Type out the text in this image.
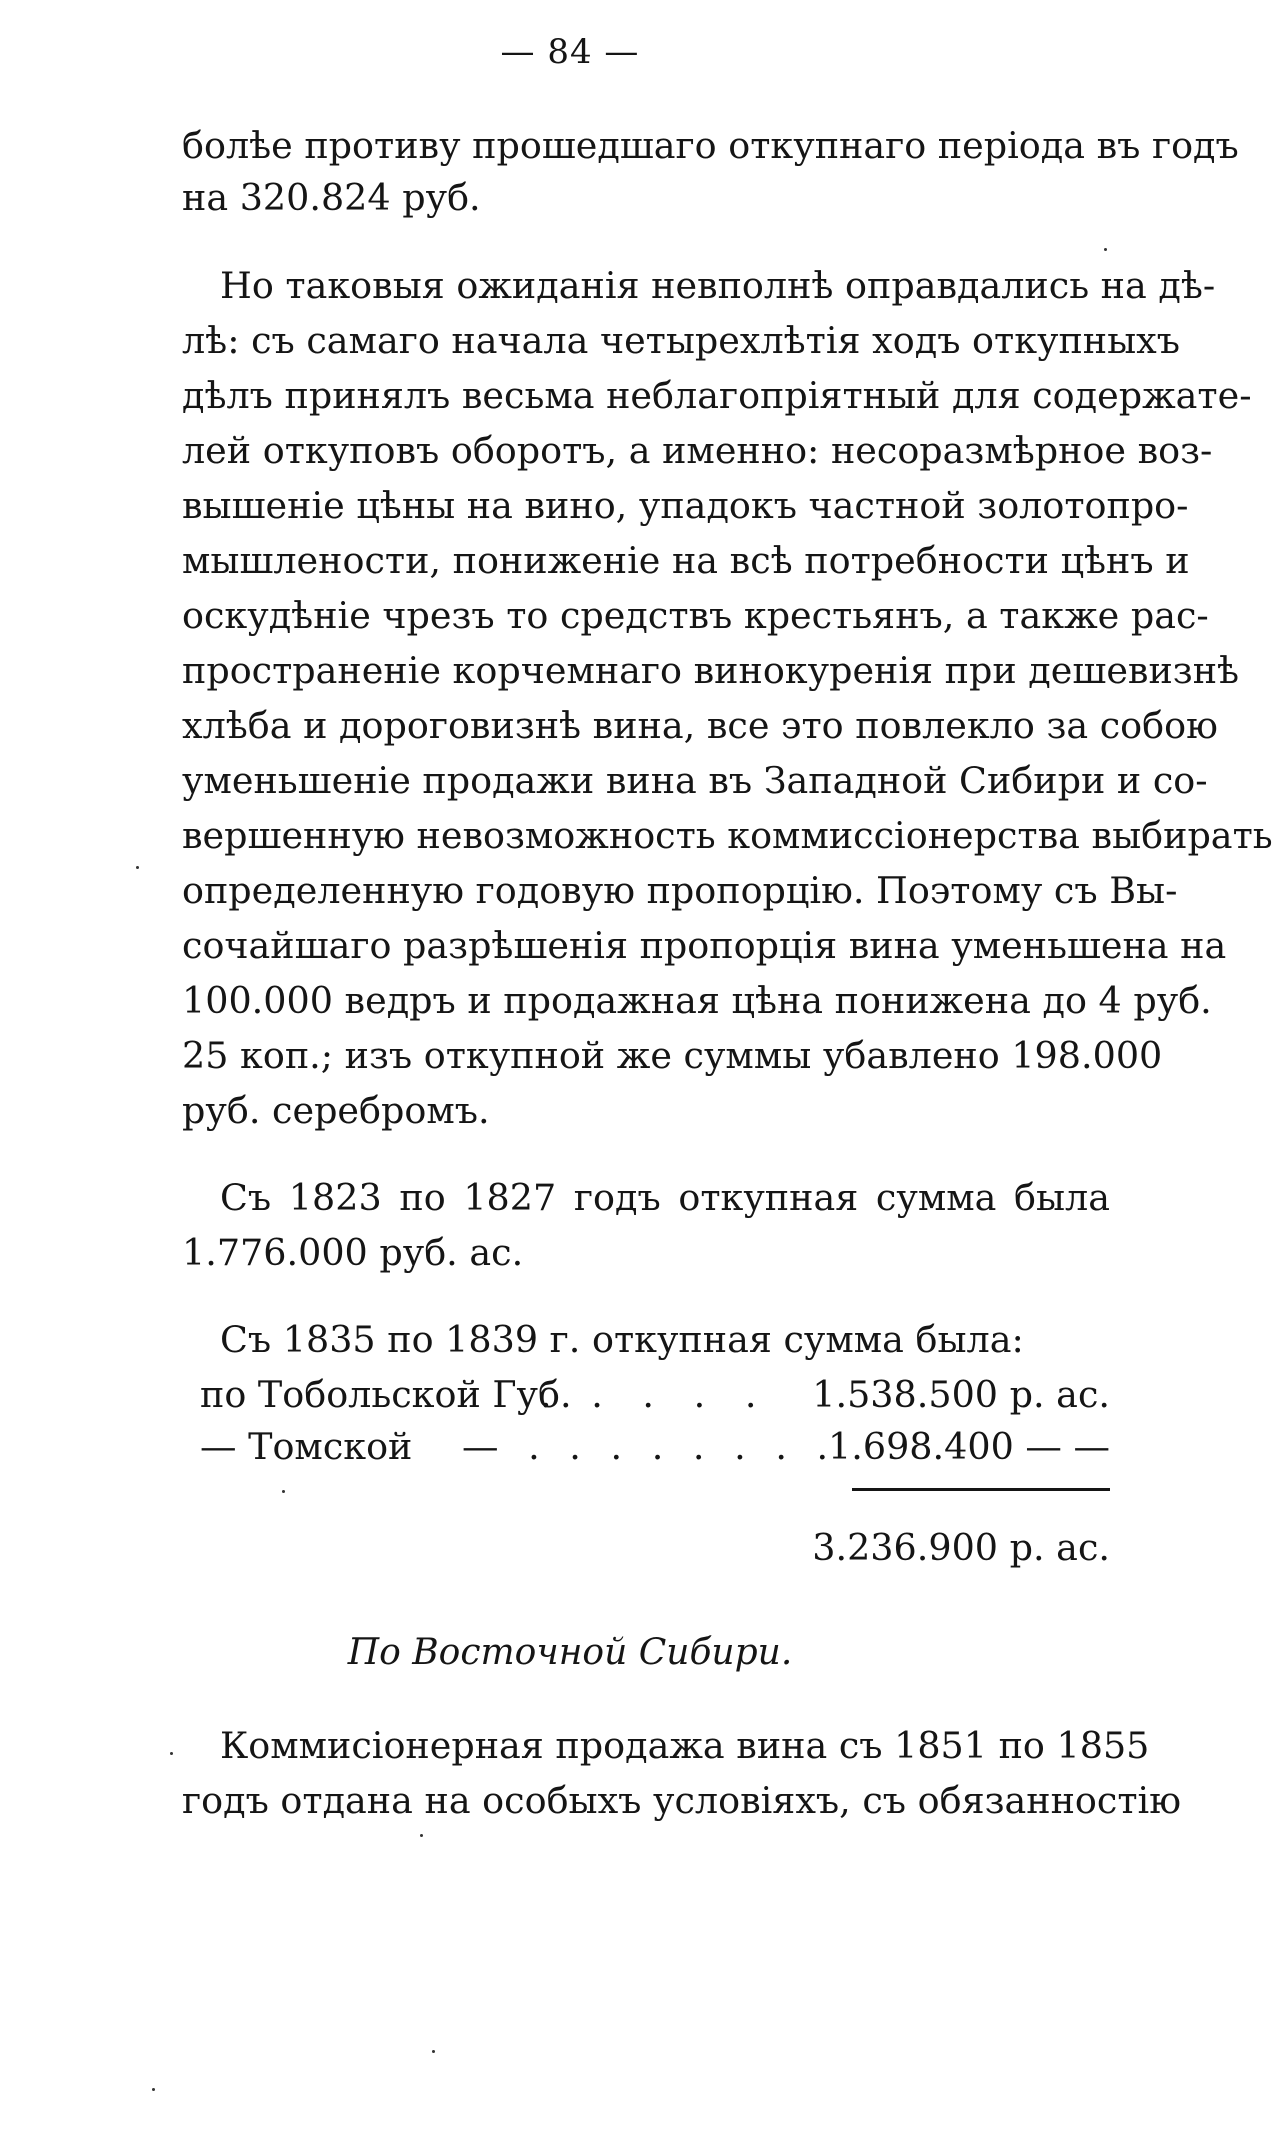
— 84 —
болѣе противу прошедшаго откупнаго періода въ годъ
на 320.824 руб.
Но таковыя ожиданія невполнѣ оправдались на дѣ-
лѣ: съ самаго начала четырехлѣтія ходъ откупныхъ
дѣлъ принялъ весьма неблагопріятный для содержате-
лей откуповъ оборотъ, а именно: несоразмѣрное воз-
вышеніе цѣны на вино, упадокъ частной золотопро-
мышлености, пониженіе на всѣ потребности цѣнъ и
оскудѣніе чрезъ то средствъ крестьянъ, а также рас-
пространеніе корчемнаго винокуренія при дешевизнѣ
хлѣба и дороговизнѣ вина, все это повлекло за собою
уменьшеніе продажи вина въ Западной Сибири и со-
вершенную невозможность коммиссіонерства выбирать
определенную годовую пропорцію. Поэтому съ Вы-
сочайшаго разрѣшенія пропорція вина уменьшена на
100.000 ведръ и продажная цѣна понижена до 4 руб.
25 коп.; изъ откупной же суммы убавлено 198.000
руб. серебромъ.
Съ 1823 по 1827 годъ откупная сумма была
1.776.000 руб. ас.
Съ 1835 по 1839 г. откупная сумма была:
по Тобольской Губ.
. . . . . 1.538.500 р. ас.
— Томской — . . . . . . . .
1.698.400 — —
3.236.900 р. ас.
По Восточной Сибири.
Коммисіонерная продажа вина съ 1851 по 1855
годъ отдана на особыхъ условіяхъ, съ обязанностію
